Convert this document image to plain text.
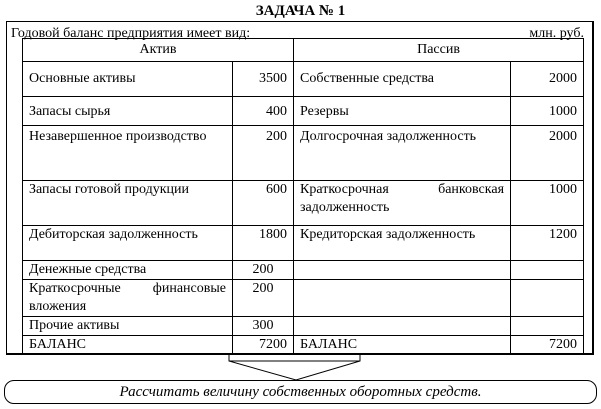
ЗАДАЧА № 1
Годовой баланс предприятия имеет вид:	млн. руб.
Актив		Пассив	
Основные активы	3500	Собственные средства	2000
Запасы сырья	400	Резервы	1000
Незавершенное производство	200	Долгосрочная задолженность	2000
Запасы готовой продукции	600	Краткосрочная банковская задолженность	1000
Дебиторская задолженность	1800	Кредиторская задолженность	1200
Денежные средства	200		
Краткосрочные финансовые вложения	200		
Прочие активы	300		
БАЛАНС	7200	БАЛАНС	7200
Рассчитать величину собственных оборотных средств.
